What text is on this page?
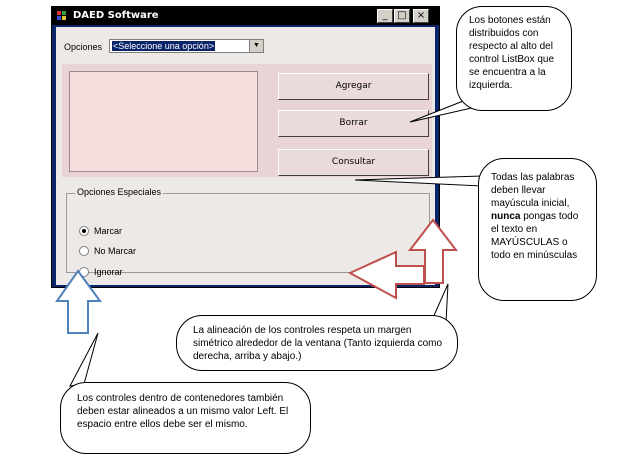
DAED Software	_ □	×
Opciones <Seleccione una opción>	▼
Agregar
Borrar
Consultar
Opciones Especiales
Marcar
No Marcar
Ignorar
Los botones están distribuidos con respecto al alto del control ListBox que se encuentra a la izquierda.
Todas las palabras deben llevar mayúscula inicial, nunca pongas todo el texto en MAYÚSCULAS o todo en minúsculas
La alineación de los controles respeta un margen simétrico alrededor de la ventana (Tanto izquierda como derecha, arriba y abajo.)
Los controles dentro de contenedores también deben estar alineados a un mismo valor Left. El espacio entre ellos debe ser el mismo.
